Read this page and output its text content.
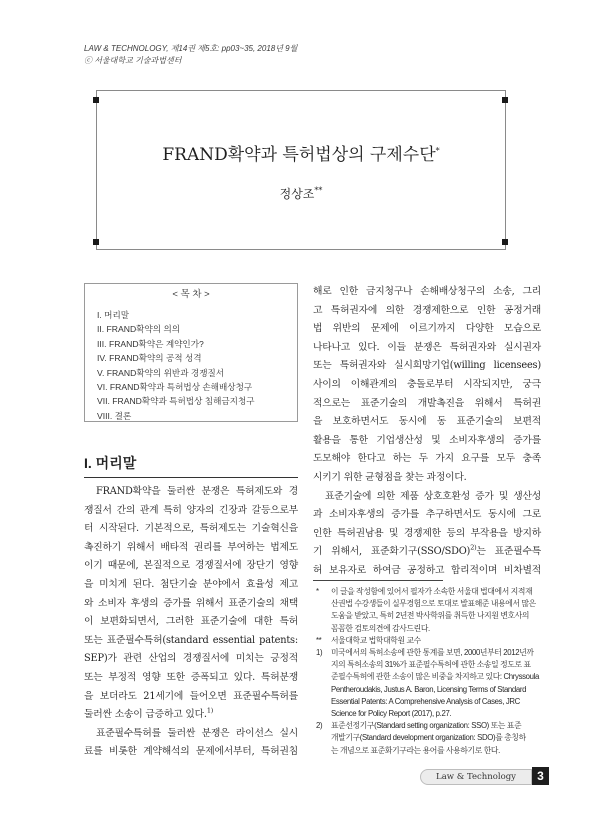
LAW & TECHNOLOGY, 제14권 제5호: pp03~35, 2018년 9월
ⓒ 서울대학교 기술과법센터
FRAND확약과 특허법상의 구제수단*
정상조**
< 목 차 >
I. 머리말
II. FRAND확약의 의의
III. FRAND확약은 계약인가?
IV. FRAND확약의 공적 성격
V. FRAND확약의 위반과 경쟁질서
VI. FRAND확약과 특허법상 손해배상청구
VII. FRAND확약과 특허법상 침해금지청구
VIII. 결론
I. 머리말
FRAND확약을 둘러싼 분쟁은 특허제도와 경
쟁질서 간의 관계 특히 양자의 긴장과 갈등으로부
터 시작된다. 기본적으로, 특허제도는 기술혁신을
촉진하기 위해서 배타적 권리를 부여하는 법제도
이기 때문에, 본질적으로 경쟁질서에 장단기 영향
을 미치게 된다. 첨단기술 분야에서 효율성 제고
와 소비자 후생의 증가를 위해서 표준기술의 채택
이 보편화되면서, 그러한 표준기술에 대한 특허
또는 표준필수특허(standard essential patents:
SEP)가 관련 산업의 경쟁질서에 미치는 긍정적
또는 부정적 영향 또한 증폭되고 있다. 특허분쟁
을 보더라도 21세기에 들어오면 표준필수특허를
둘러싼 소송이 급증하고 있다.$^{1)}$
표준필수특허를 둘러싼 분쟁은 라이선스 실시
료를 비롯한 계약해석의 문제에서부터, 특허권침
해로 인한 금지청구나 손해배상청구의 소송, 그리
고 특허권자에 의한 경쟁제한으로 인한 공정거래
법 위반의 문제에 이르기까지 다양한 모습으로
나타나고 있다. 이들 분쟁은 특허권자와 실시권자
또는 특허권자와 실시희망기업(willing licensees)
사이의 이해관계의 충돌로부터 시작되지만, 궁극
적으로는 표준기술의 개발촉진을 위해서 특허권
을 보호하면서도 동시에 동 표준기술의 보편적
활용을 통한 기업생산성 및 소비자후생의 증가를
도모해야 한다고 하는 두 가지 요구를 모두 충족
시키기 위한 균형점을 찾는 과정이다.
표준기술에 의한 제품 상호호환성 증가 및 생산성
과 소비자후생의 증가를 추구하면서도 동시에 그로
인한 특허권남용 및 경쟁제한 등의 부작용을 방지하
기 위해서, 표준화기구(SSO/SDO)$^{2)}$는 표준필수특
허 보유자로 하여금 공정하고 합리적이며 비차별적
*	이 글을 작성함에 있어서 필자가 소속한 서울대 법대에서 지적재
산권법 수강생들이 실무경험으로 토대로 발표해준 내용에서 많은
도움을 받았고, 특히 2년전 박사학위를 취득한 나지원 변호사의
꼼꼼한 검토의견에 감사드린다.
**	서울대학교 법학대학원 교수
1)	미국에서의 특허소송에 관한 통계를 보면, 2000년부터 2012년까
지의 특허소송의 31%가 표준필수특허에 관한 소송일 정도로 표
준필수특허에 관한 소송이 많은 비중을 차지하고 있다: Chryssoula
Pentheroudakis, Justus A. Baron, Licensing Terms of Standard
Essential Patents: A Comprehensive Analysis of Cases, JRC
Science for Policy Report (2017), p.27.
2)	표준선정기구(Standard setting organization: SSO) 또는 표준
개발기구(Standard development organization: SDO)를 총칭하
는 개념으로 표준화기구라는 용어를 사용하기로 한다.
Law & Technology	3
